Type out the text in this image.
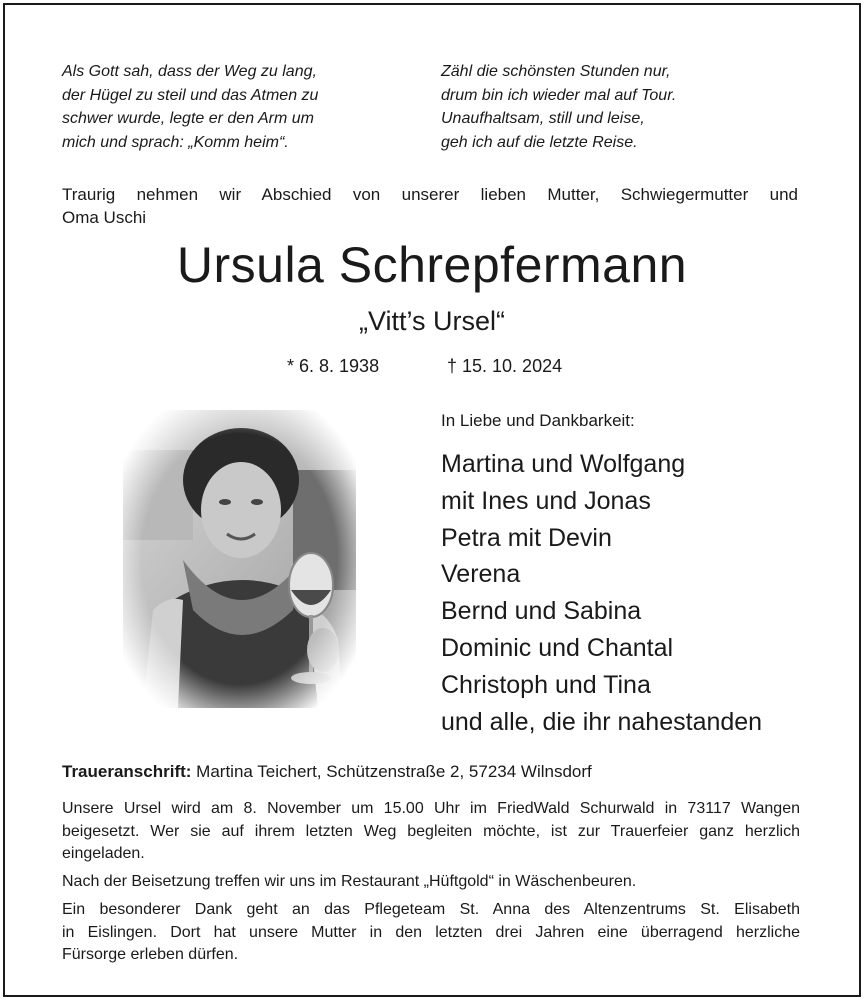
Als Gott sah, dass der Weg zu lang,
der Hügel zu steil und das Atmen zu
schwer wurde, legte er den Arm um
mich und sprach: „Komm heim“.
Zähl die schönsten Stunden nur,
drum bin ich wieder mal auf Tour.
Unaufhaltsam, still und leise,
geh ich auf die letzte Reise.
Traurig nehmen wir Abschied von unserer lieben Mutter, Schwiegermutter und
Oma Uschi
Ursula Schrepfermann
„Vitt’s Ursel“
* 6. 8. 1938	† 15. 10. 2024
In Liebe und Dankbarkeit:
Martina und Wolfgang
mit Ines und Jonas
Petra mit Devin
Verena
Bernd und Sabina
Dominic und Chantal
Christoph und Tina
und alle, die ihr nahestanden
Traueranschrift: Martina Teichert, Schützenstraße 2, 57234 Wilnsdorf
Unsere Ursel wird am 8. November um 15.00 Uhr im FriedWald Schurwald in 73117 Wangen
beigesetzt. Wer sie auf ihrem letzten Weg begleiten möchte, ist zur Trauerfeier ganz herzlich
eingeladen.
Nach der Beisetzung treffen wir uns im Restaurant „Hüftgold“ in Wäschenbeuren.
Ein besonderer Dank geht an das Pflegeteam St. Anna des Altenzentrums St. Elisabeth
in Eislingen. Dort hat unsere Mutter in den letzten drei Jahren eine überragend herzliche
Fürsorge erleben dürfen.
